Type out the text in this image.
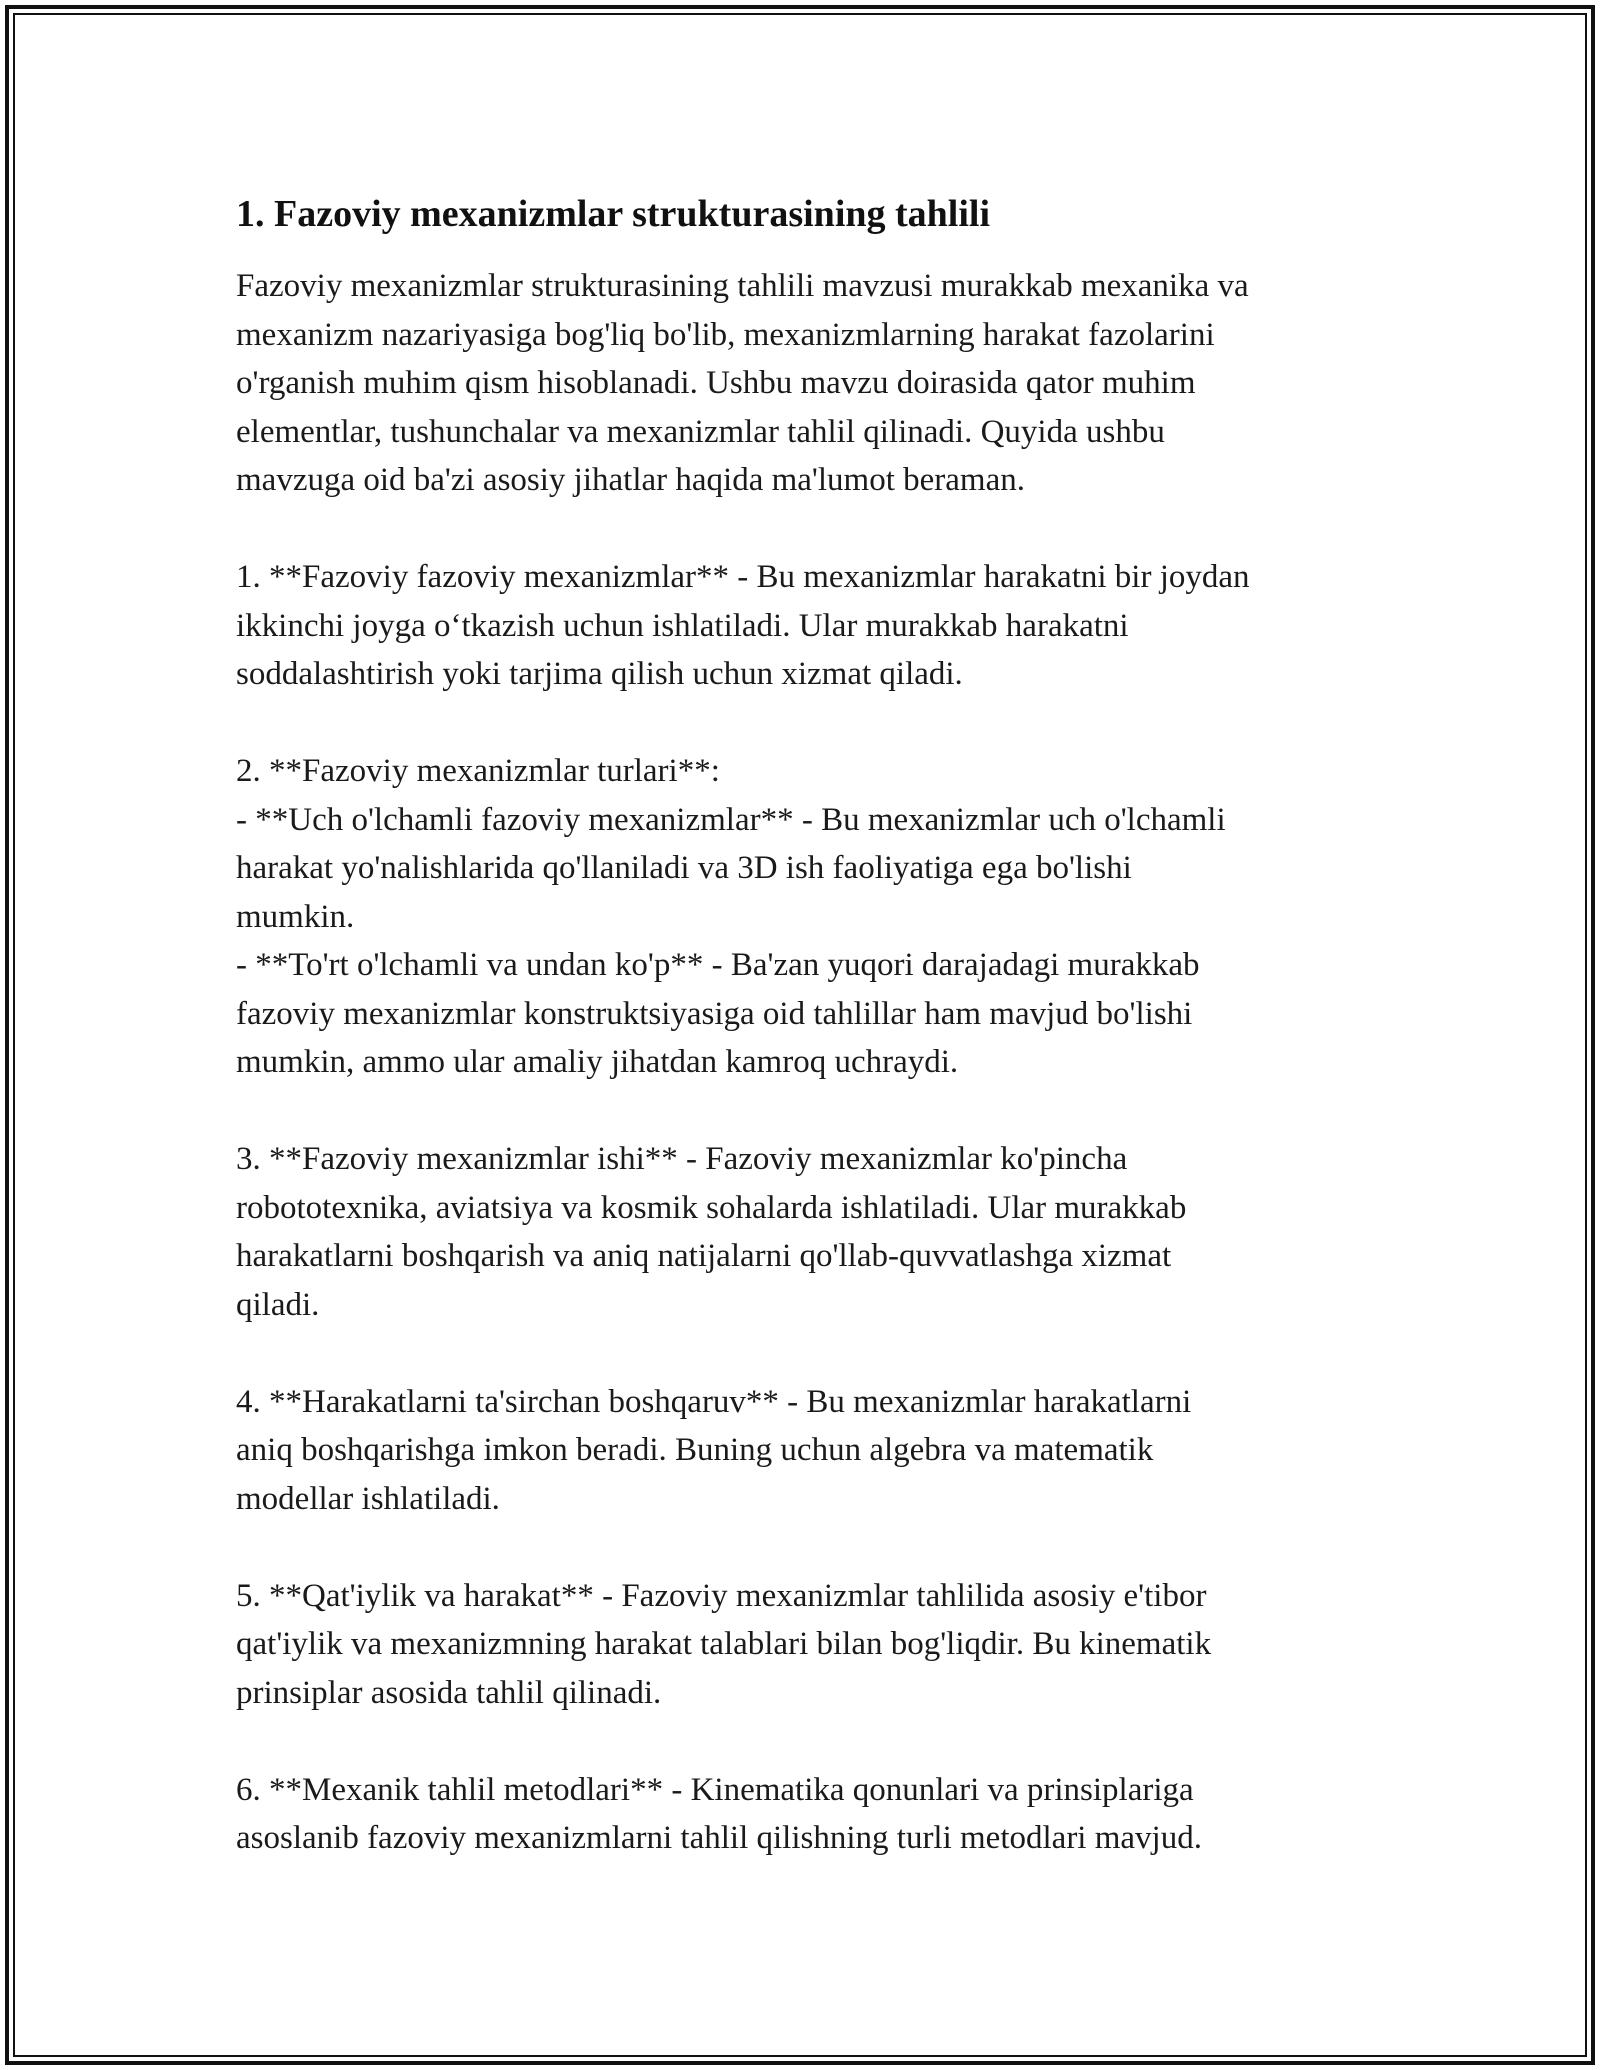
1. Fazoviy mexanizmlar strukturasining tahlili

Fazoviy mexanizmlar strukturasining tahlili mavzusi murakkab mexanika va
mexanizm nazariyasiga bog'liq bo'lib, mexanizmlarning harakat fazolarini
o'rganish muhim qism hisoblanadi. Ushbu mavzu doirasida qator muhim
elementlar, tushunchalar va mexanizmlar tahlil qilinadi. Quyida ushbu
mavzuga oid ba'zi asosiy jihatlar haqida ma'lumot beraman.

1. **Fazoviy fazoviy mexanizmlar** - Bu mexanizmlar harakatni bir joydan
ikkinchi joyga o‘tkazish uchun ishlatiladi. Ular murakkab harakatni
soddalashtirish yoki tarjima qilish uchun xizmat qiladi.

2. **Fazoviy mexanizmlar turlari**:
- **Uch o'lchamli fazoviy mexanizmlar** - Bu mexanizmlar uch o'lchamli
harakat yo'nalishlarida qo'llaniladi va 3D ish faoliyatiga ega bo'lishi
mumkin.
- **To'rt o'lchamli va undan ko'p** - Ba'zan yuqori darajadagi murakkab
fazoviy mexanizmlar konstruktsiyasiga oid tahlillar ham mavjud bo'lishi
mumkin, ammo ular amaliy jihatdan kamroq uchraydi.

3. **Fazoviy mexanizmlar ishi** - Fazoviy mexanizmlar ko'pincha
robototexnika, aviatsiya va kosmik sohalarda ishlatiladi. Ular murakkab
harakatlarni boshqarish va aniq natijalarni qo'llab-quvvatlashga xizmat
qiladi.

4. **Harakatlarni ta'sirchan boshqaruv** - Bu mexanizmlar harakatlarni
aniq boshqarishga imkon beradi. Buning uchun algebra va matematik
modellar ishlatiladi.

5. **Qat'iylik va harakat** - Fazoviy mexanizmlar tahlilida asosiy e'tibor
qat'iylik va mexanizmning harakat talablari bilan bog'liqdir. Bu kinematik
prinsiplar asosida tahlil qilinadi.

6. **Mexanik tahlil metodlari** - Kinematika qonunlari va prinsiplariga
asoslanib fazoviy mexanizmlarni tahlil qilishning turli metodlari mavjud.
